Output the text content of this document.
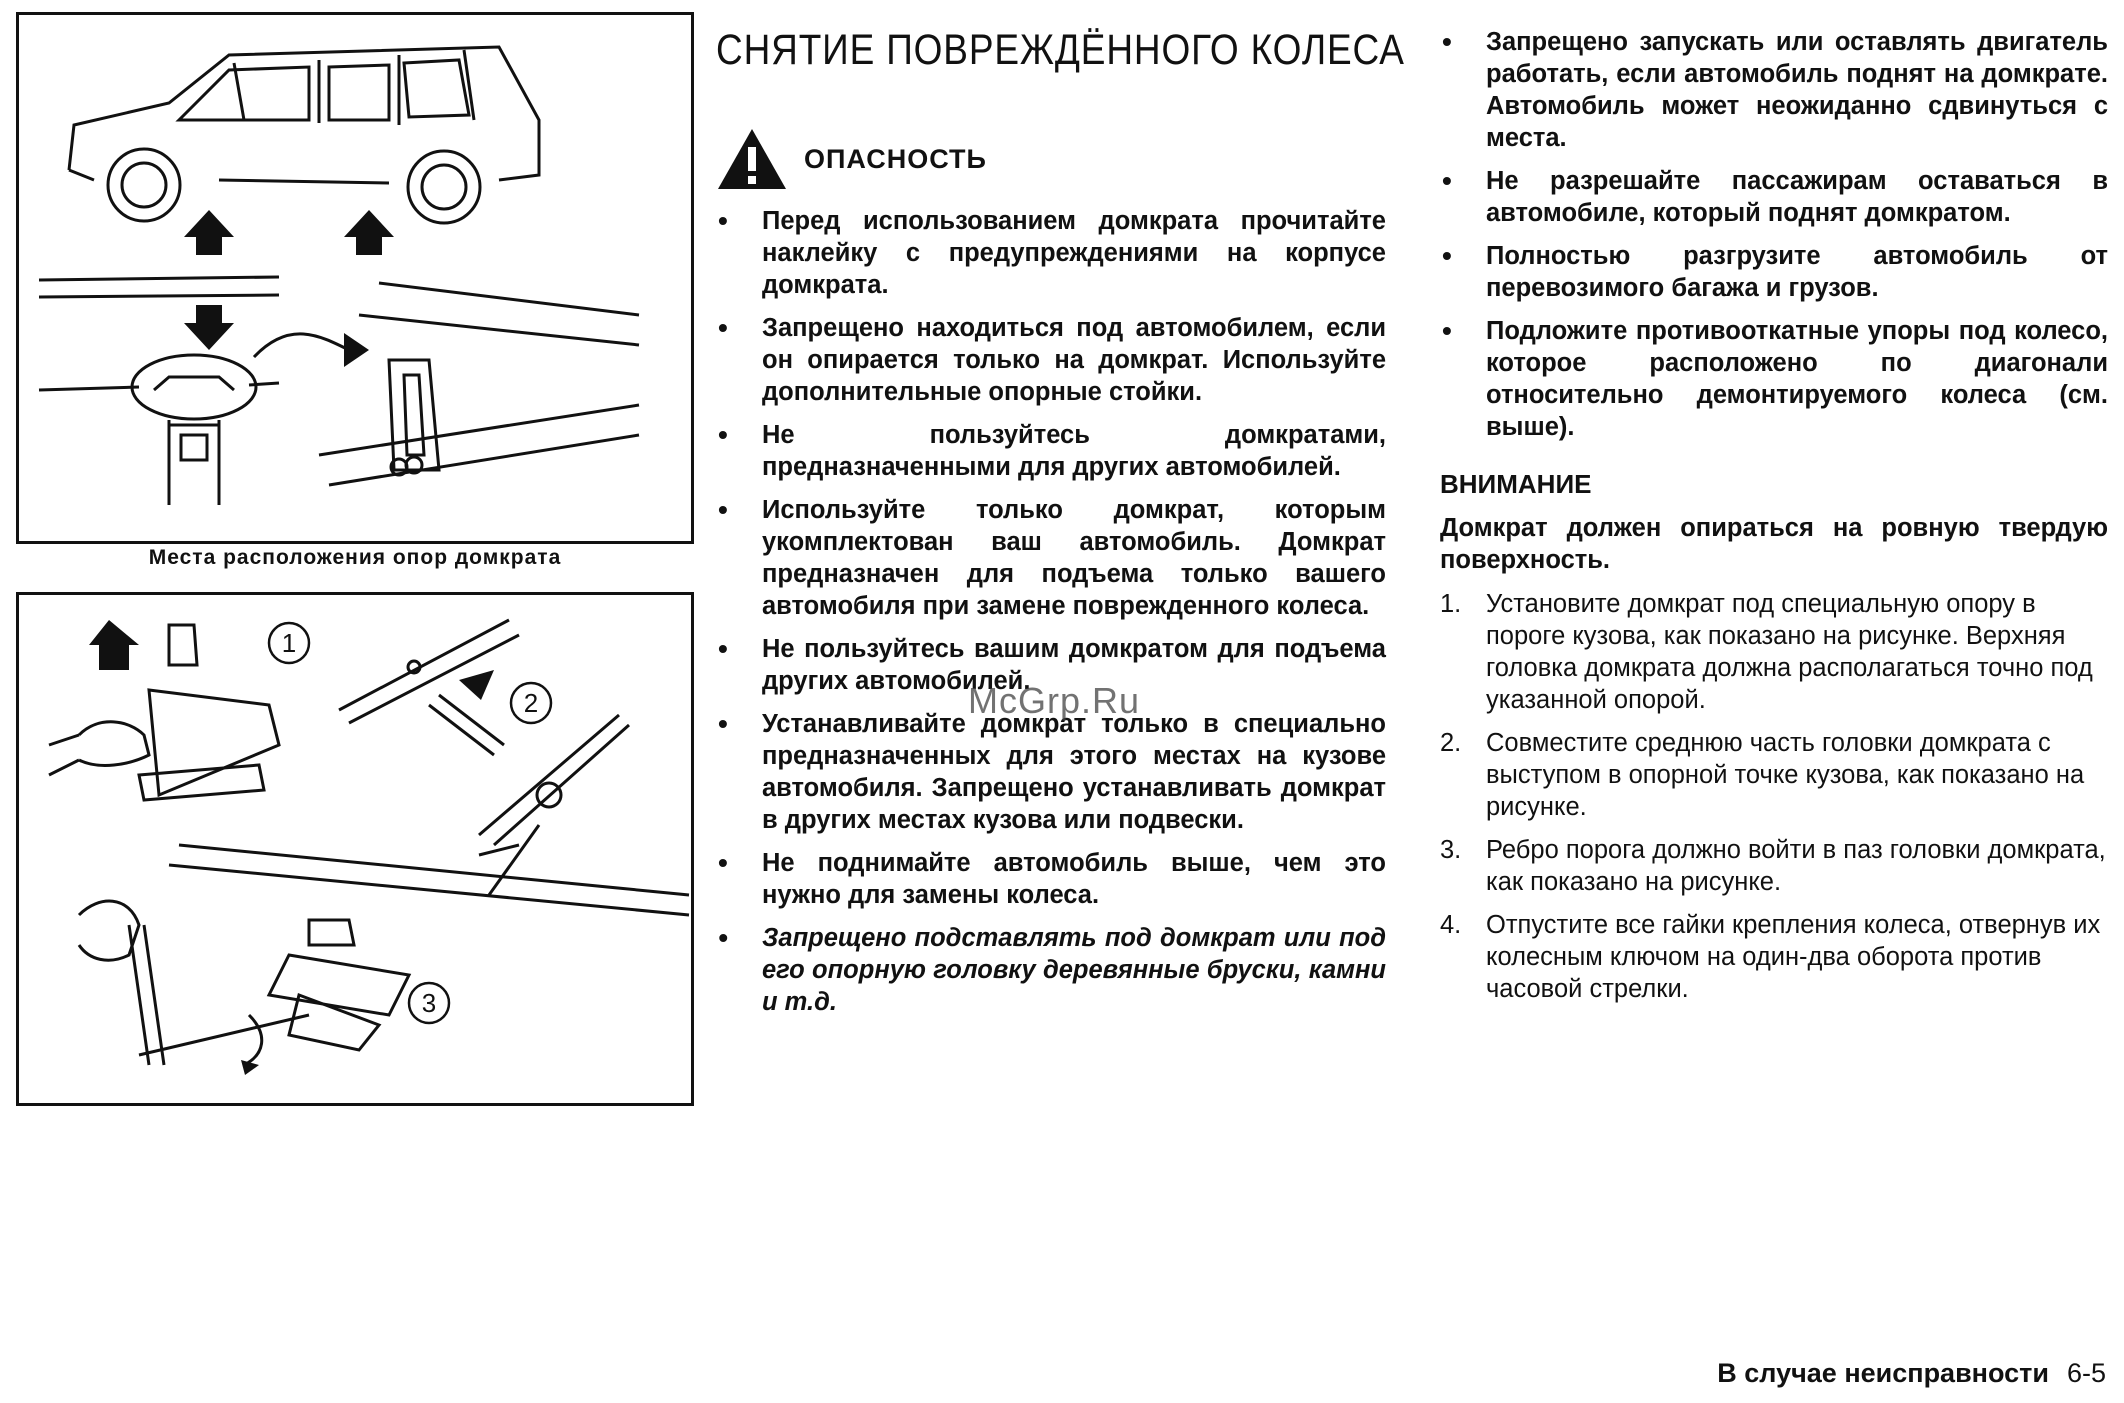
Места расположения опор домкрата
1
2
3
СНЯТИЕ ПОВРЕЖДЁННОГО КОЛЕСА
ОПАСНОСТЬ
• Перед использованием домкрата прочитайте наклейку с предупреждениями на корпусе домкрата.
• Запрещено находиться под автомобилем, если он опирается только на домкрат. Используйте дополнительные опорные стойки.
• Не пользуйтесь домкратами, предназначенными для других автомобилей.
• Используйте только домкрат, которым укомплектован ваш автомобиль. Домкрат предназначен для подъема только вашего автомобиля при замене поврежденного колеса.
• Не пользуйтесь вашим домкратом для подъема других автомобилей.
• Устанавливайте домкрат только в специально предназначенных для этого местах на кузове автомобиля. Запрещено устанавливать домкрат в других местах кузова или подвески.
• Не поднимайте автомобиль выше, чем это нужно для замены колеса.
• Запрещено подставлять под домкрат или под его опорную головку деревянные бруски, камни и т.д.
• Запрещено запускать или оставлять двигатель работать, если автомобиль поднят на домкрате. Автомобиль может неожиданно сдвинуться с места.
• Не разрешайте пассажирам оставаться в автомобиле, который поднят домкратом.
• Полностью разгрузите автомобиль от перевозимого багажа и грузов.
• Подложите противооткатные упоры под колесо, которое расположено по диагонали относительно демонтируемого колеса (см. выше).
ВНИМАНИЕ

Домкрат должен опираться на ровную твердую поверхность.

1. Установите домкрат под специальную опору в пороге кузова, как показано на рисунке. Верхняя головка домкрата должна располагаться точно под указанной опорой.
2. Совместите среднюю часть головки домкрата с выступом в опорной точке кузова, как показано на рисунке.
3. Ребро порога должно войти в паз головки домкрата, как показано на рисунке.
4. Отпустите все гайки крепления колеса, отвернув их колесным ключом на один-два оборота против часовой стрелки.
McGrp.Ru
В случае неисправности 6-5
